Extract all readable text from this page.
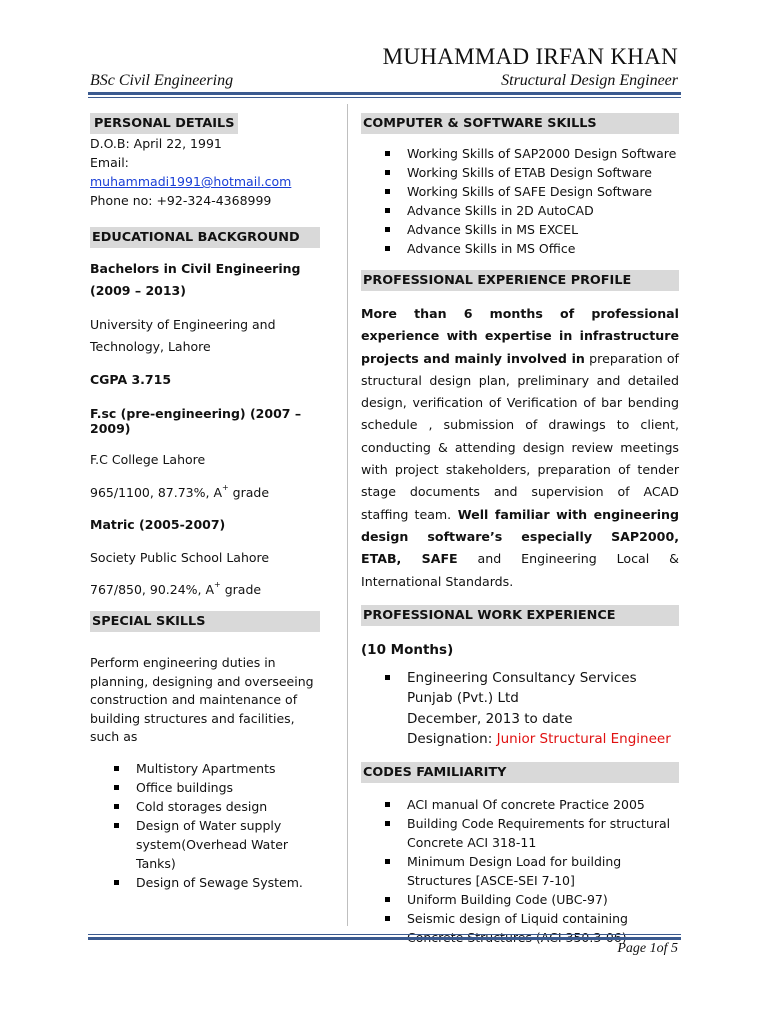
MUHAMMAD IRFAN KHAN
BSc Civil Engineering	Structural Design Engineer
PERSONAL DETAILS
D.O.B: April 22, 1991
Email: muhammadi1991@hotmail.com
Phone no: +92-324-4368999
EDUCATIONAL BACKGROUND
Bachelors in Civil Engineering (2009 – 2013)
University of Engineering and Technology, Lahore
CGPA 3.715
F.sc (pre-engineering) (2007 – 2009)
F.C College Lahore
965/1100, 87.73%, A+ grade
Matric (2005-2007)
Society Public School Lahore
767/850, 90.24%, A+ grade
SPECIAL SKILLS
Perform engineering duties in planning, designing and overseeing construction and maintenance of building structures and facilities, such as
Multistory Apartments
Office buildings
Cold storages design
Design of Water supply system(Overhead Water Tanks)
Design of Sewage System.
COMPUTER & SOFTWARE SKILLS
Working Skills of SAP2000 Design Software
Working Skills of ETAB Design Software
Working Skills of SAFE Design Software
Advance Skills in 2D AutoCAD
Advance Skills in MS EXCEL
Advance Skills in MS Office
PROFESSIONAL EXPERIENCE PROFILE
More than 6 months of professional experience with expertise in infrastructure projects and mainly involved in preparation of structural design plan, preliminary and detailed design, verification of Verification of bar bending schedule , submission of drawings to client, conducting & attending design review meetings with project stakeholders, preparation of tender stage documents and supervision of ACAD staffing team. Well familiar with engineering design software’s especially SAP2000, ETAB, SAFE and Engineering Local & International Standards.
PROFESSIONAL WORK EXPERIENCE
(10 Months)
Engineering Consultancy Services Punjab (Pvt.) Ltd
December, 2013 to date
Designation: Junior Structural Engineer
CODES FAMILIARITY
ACI manual Of concrete Practice 2005
Building Code Requirements for structural Concrete ACI 318-11
Minimum Design Load for building Structures [ASCE-SEI 7-10]
Uniform Building Code (UBC-97)
Seismic design of Liquid containing
Page 1of 5
